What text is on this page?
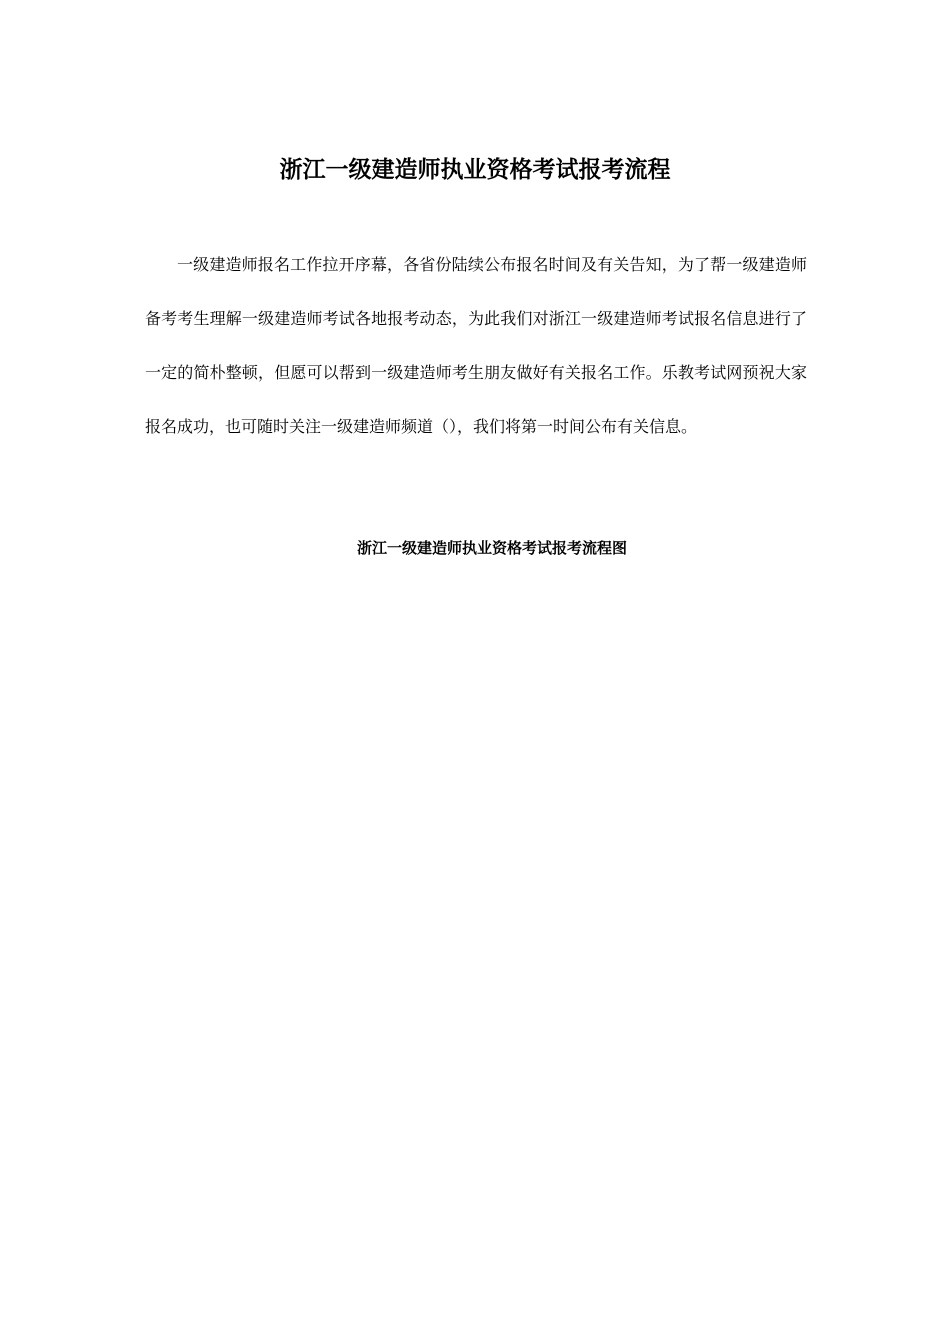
浙江一级建造师执业资格考试报考流程

一级建造师报名工作拉开序幕，各省份陆续公布报名时间及有关告知，为了帮一级建造师备考考生理解一级建造师考试各地报考动态，为此我们对浙江一级建造师考试报名信息进行了一定的简朴整顿，但愿可以帮到一级建造师考生朋友做好有关报名工作。乐教考试网预祝大家报名成功，也可随时关注一级建造师频道（），我们将第一时间公布有关信息。

浙江一级建造师执业资格考试报考流程图
